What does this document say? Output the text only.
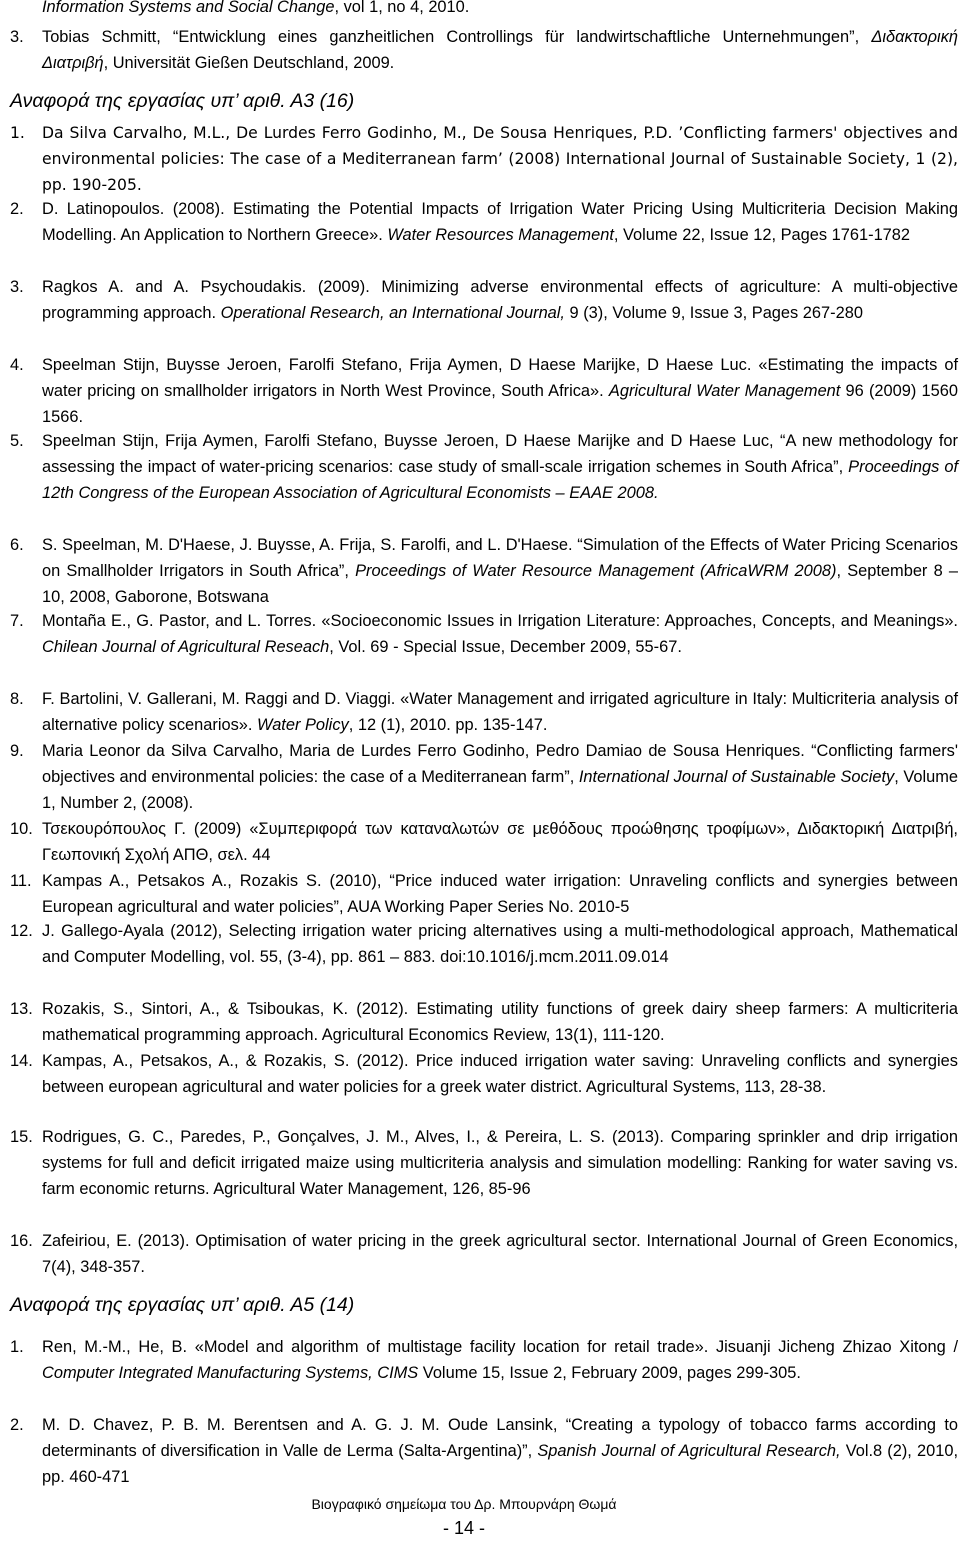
Information Systems and Social Change, vol 1, no 4, 2010.
3. Tobias Schmitt, “Entwicklung eines ganzheitlichen Controllings für landwirtschaftliche Unternehmungen”, Διδακτορική Διατριβή, Universität Gießen Deutschland, 2009.
Αναφορά της εργασίας υπ’ αριθ. Α3 (16)
1. Da Silva Carvalho, M.L., De Lurdes Ferro Godinho, M., De Sousa Henriques, P.D. ’Conflicting farmers' objectives and environmental policies: The case of a Mediterranean farm’ (2008) International Journal of Sustainable Society, 1 (2), pp. 190-205.
2. D. Latinopoulos. (2008). Estimating the Potential Impacts of Irrigation Water Pricing Using Multicriteria Decision Making Modelling. An Application to Northern Greece». Water Resources Management, Volume 22, Issue 12, Pages 1761-1782
3. Ragkos A. and A. Psychoudakis. (2009). Minimizing adverse environmental effects of agriculture: A multi-objective programming approach. Operational Research, an International Journal, 9 (3), Volume 9, Issue 3, Pages 267-280
4. Speelman Stijn, Buysse Jeroen, Farolfi Stefano, Frija Aymen, D Haese Marijke, D Haese Luc. «Estimating the impacts of water pricing on smallholder irrigators in North West Province, South Africa». Agricultural Water Management 96 (2009) 1560 1566.
5. Speelman Stijn, Frija Aymen, Farolfi Stefano, Buysse Jeroen, D Haese Marijke and D Haese Luc, “A new methodology for assessing the impact of water-pricing scenarios: case study of small-scale irrigation schemes in South Africa”, Proceedings of 12th Congress of the European Association of Agricultural Economists – EAAE 2008.
6. S. Speelman, M. D'Haese, J. Buysse, A. Frija, S. Farolfi, and L. D'Haese. “Simulation of the Effects of Water Pricing Scenarios on Smallholder Irrigators in South Africa”, Proceedings of Water Resource Management (AfricaWRM 2008), September 8 – 10, 2008, Gaborone, Botswana
7. Montaña E., G. Pastor, and L. Torres. «Socioeconomic Issues in Irrigation Literature: Approaches, Concepts, and Meanings». Chilean Journal of Agricultural Reseach, Vol. 69 - Special Issue, December 2009, 55-67.
8. F. Bartolini, V. Gallerani, M. Raggi and D. Viaggi. «Water Management and irrigated agriculture in Italy: Multicriteria analysis of alternative policy scenarios». Water Policy, 12 (1), 2010. pp. 135-147.
9. Maria Leonor da Silva Carvalho, Maria de Lurdes Ferro Godinho, Pedro Damiao de Sousa Henriques. “Conflicting farmers' objectives and environmental policies: the case of a Mediterranean farm”, International Journal of Sustainable Society, Volume 1, Number 2, (2008).
10. Τσεκουρόπουλος Γ. (2009) «Συμπεριφορά των καταναλωτών σε μεθόδους προώθησης τροφίμων», Διδακτορική Διατριβή, Γεωπονική Σχολή ΑΠΘ, σελ. 44
11. Kampas A., Petsakos A., Rozakis S. (2010), “Price induced water irrigation: Unraveling conflicts and synergies between European agricultural and water policies”, AUA Working Paper Series No. 2010-5
12. J. Gallego-Ayala (2012), Selecting irrigation water pricing alternatives using a multi-methodological approach, Mathematical and Computer Modelling, vol. 55, (3-4), pp. 861 – 883. doi:10.1016/j.mcm.2011.09.014
13. Rozakis, S., Sintori, A., & Tsiboukas, K. (2012). Estimating utility functions of greek dairy sheep farmers: A multicriteria mathematical programming approach. Agricultural Economics Review, 13(1), 111-120.
14. Kampas, A., Petsakos, A., & Rozakis, S. (2012). Price induced irrigation water saving: Unraveling conflicts and synergies between european agricultural and water policies for a greek water district. Agricultural Systems, 113, 28-38.
15. Rodrigues, G. C., Paredes, P., Gonçalves, J. M., Alves, I., & Pereira, L. S. (2013). Comparing sprinkler and drip irrigation systems for full and deficit irrigated maize using multicriteria analysis and simulation modelling: Ranking for water saving vs. farm economic returns. Agricultural Water Management, 126, 85-96
16. Zafeiriou, E. (2013). Optimisation of water pricing in the greek agricultural sector. International Journal of Green Economics, 7(4), 348-357.
Αναφορά της εργασίας υπ’ αριθ. Α5 (14)
1. Ren, M.-M., He, B. «Model and algorithm of multistage facility location for retail trade». Jisuanji Jicheng Zhizao Xitong / Computer Integrated Manufacturing Systems, CIMS Volume 15, Issue 2, February 2009, pages 299-305.
2. M. D. Chavez, P. B. M. Berentsen and A. G. J. M. Oude Lansink, “Creating a typology of tobacco farms according to determinants of diversification in Valle de Lerma (Salta-Argentina)”, Spanish Journal of Agricultural Research, Vol.8 (2), 2010, pp. 460-471
Βιογραφικό σημείωμα του Δρ. Μπουρνάρη Θωμά
- 14 -
